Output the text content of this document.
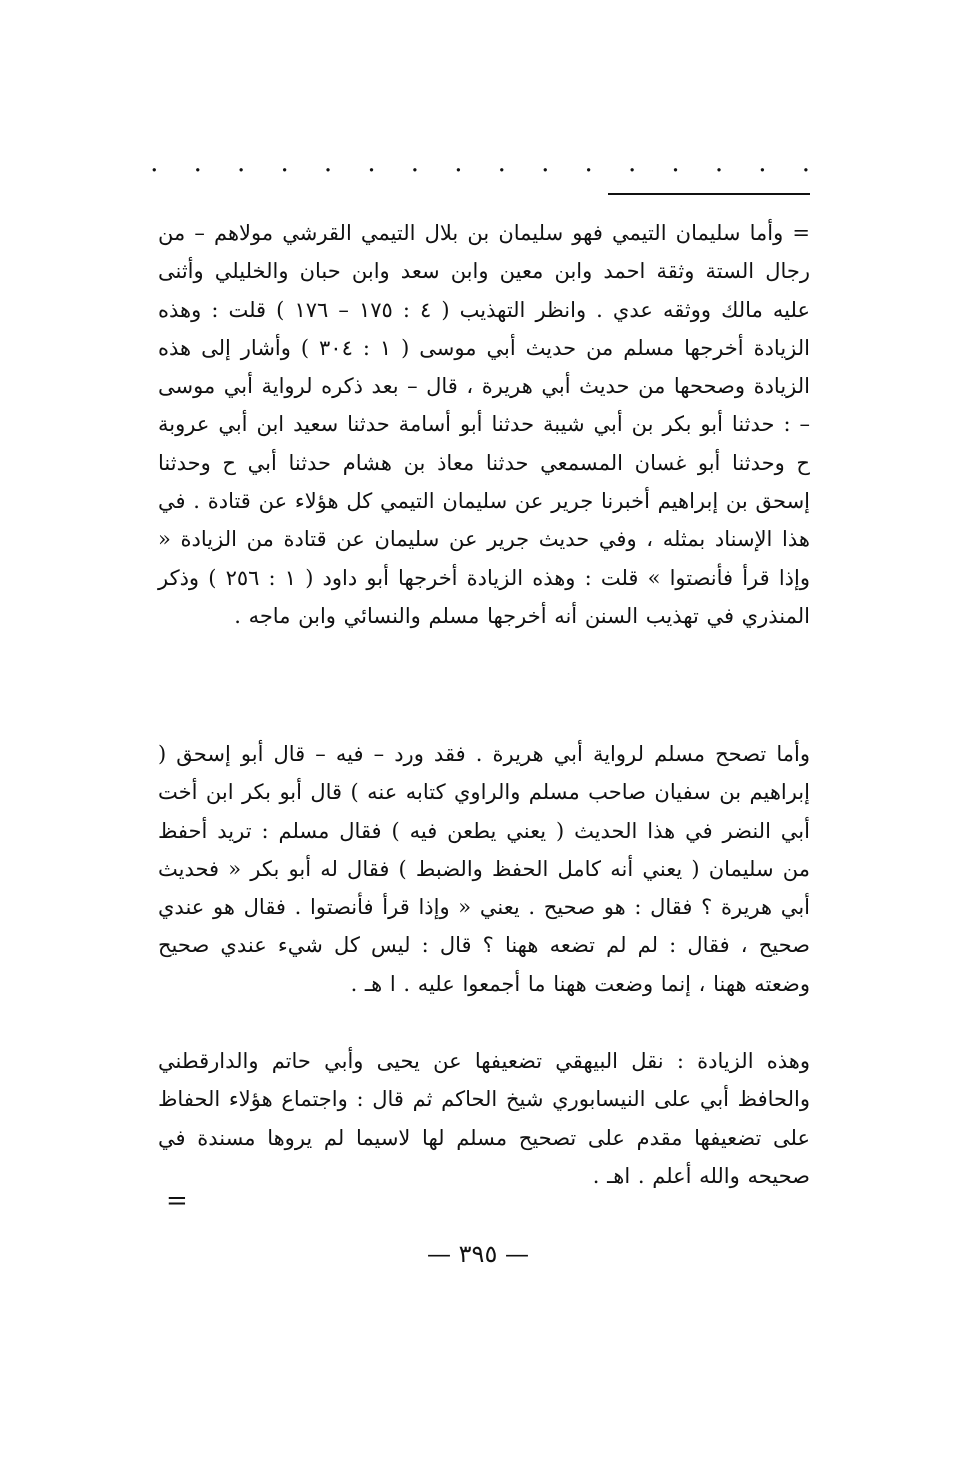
.
.
.
.
.
.
.
.
.
.
.
.
.
.
.
.

= وأما سليمان التيمي فهو سليمان بن بلال التيمي القرشي مولاهم – من رجال الستة وثقة احمد وابن معين وابن سعد وابن حبان والخليلي وأثنى عليه مالك ووثقه عدي . وانظر التهذيب ( ٤ : ١٧٥ – ١٧٦ ) قلت : وهذه الزيادة أخرجها مسلم من حديث أبي موسى ( ١ : ٣٠٤ ) وأشار إلى هذه الزيادة وصححها من حديث أبي هريرة ، قال – بعد ذكره لرواية أبي موسى – : حدثنا أبو بكر بن أبي شيبة حدثنا أبو أسامة حدثنا سعيد ابن أبي عروبة ح وحدثنا أبو غسان المسمعي حدثنا معاذ بن هشام حدثنا أبي ح وحدثنا إسحق بن إبراهيم أخبرنا جرير عن سليمان التيمي كل هؤلاء عن قتادة . في هذا الإسناد بمثله ، وفي حديث جرير عن سليمان عن قتادة من الزيادة « وإذا قرأ فأنصتوا » قلت : وهذه الزيادة أخرجها أبو داود ( ١ : ٢٥٦ ) وذكر المنذري في تهذيب السنن أنه أخرجها مسلم والنسائي وابن ماجه .

وأما تصحح مسلم لرواية أبي هريرة . فقد ورد – فيه – قال أبو إسحق ( إبراهيم بن سفيان صاحب مسلم والراوي كتابه عنه ) قال أبو بكر ابن أخت أبي النضر في هذا الحديث ( يعني يطعن فيه ) فقال مسلم : تريد أحفظ من سليمان ( يعني أنه كامل الحفظ والضبط ) فقال له أبو بكر « فحديث أبي هريرة ؟ فقال : هو صحيح . يعني « وإذا قرأ فأنصتوا . فقال هو عندي صحيح ، فقال : لم لم تضعه ههنا ؟ قال : ليس كل شيء عندي صحيح وضعته ههنا ، إنما وضعت ههنا ما أجمعوا عليه . ا هـ .

وهذه الزيادة : نقل البيهقي تضعيفها عن يحيى وأبي حاتم والدارقطني والحافظ أبي على النيسابوري شيخ الحاكم ثم قال : واجتماع هؤلاء الحفاظ على تضعيفها مقدم على تصحيح مسلم لها لاسيما لم يروها مسندة في صحيحه والله أعلم . اهـ .

=
— ٣٩٥ —
